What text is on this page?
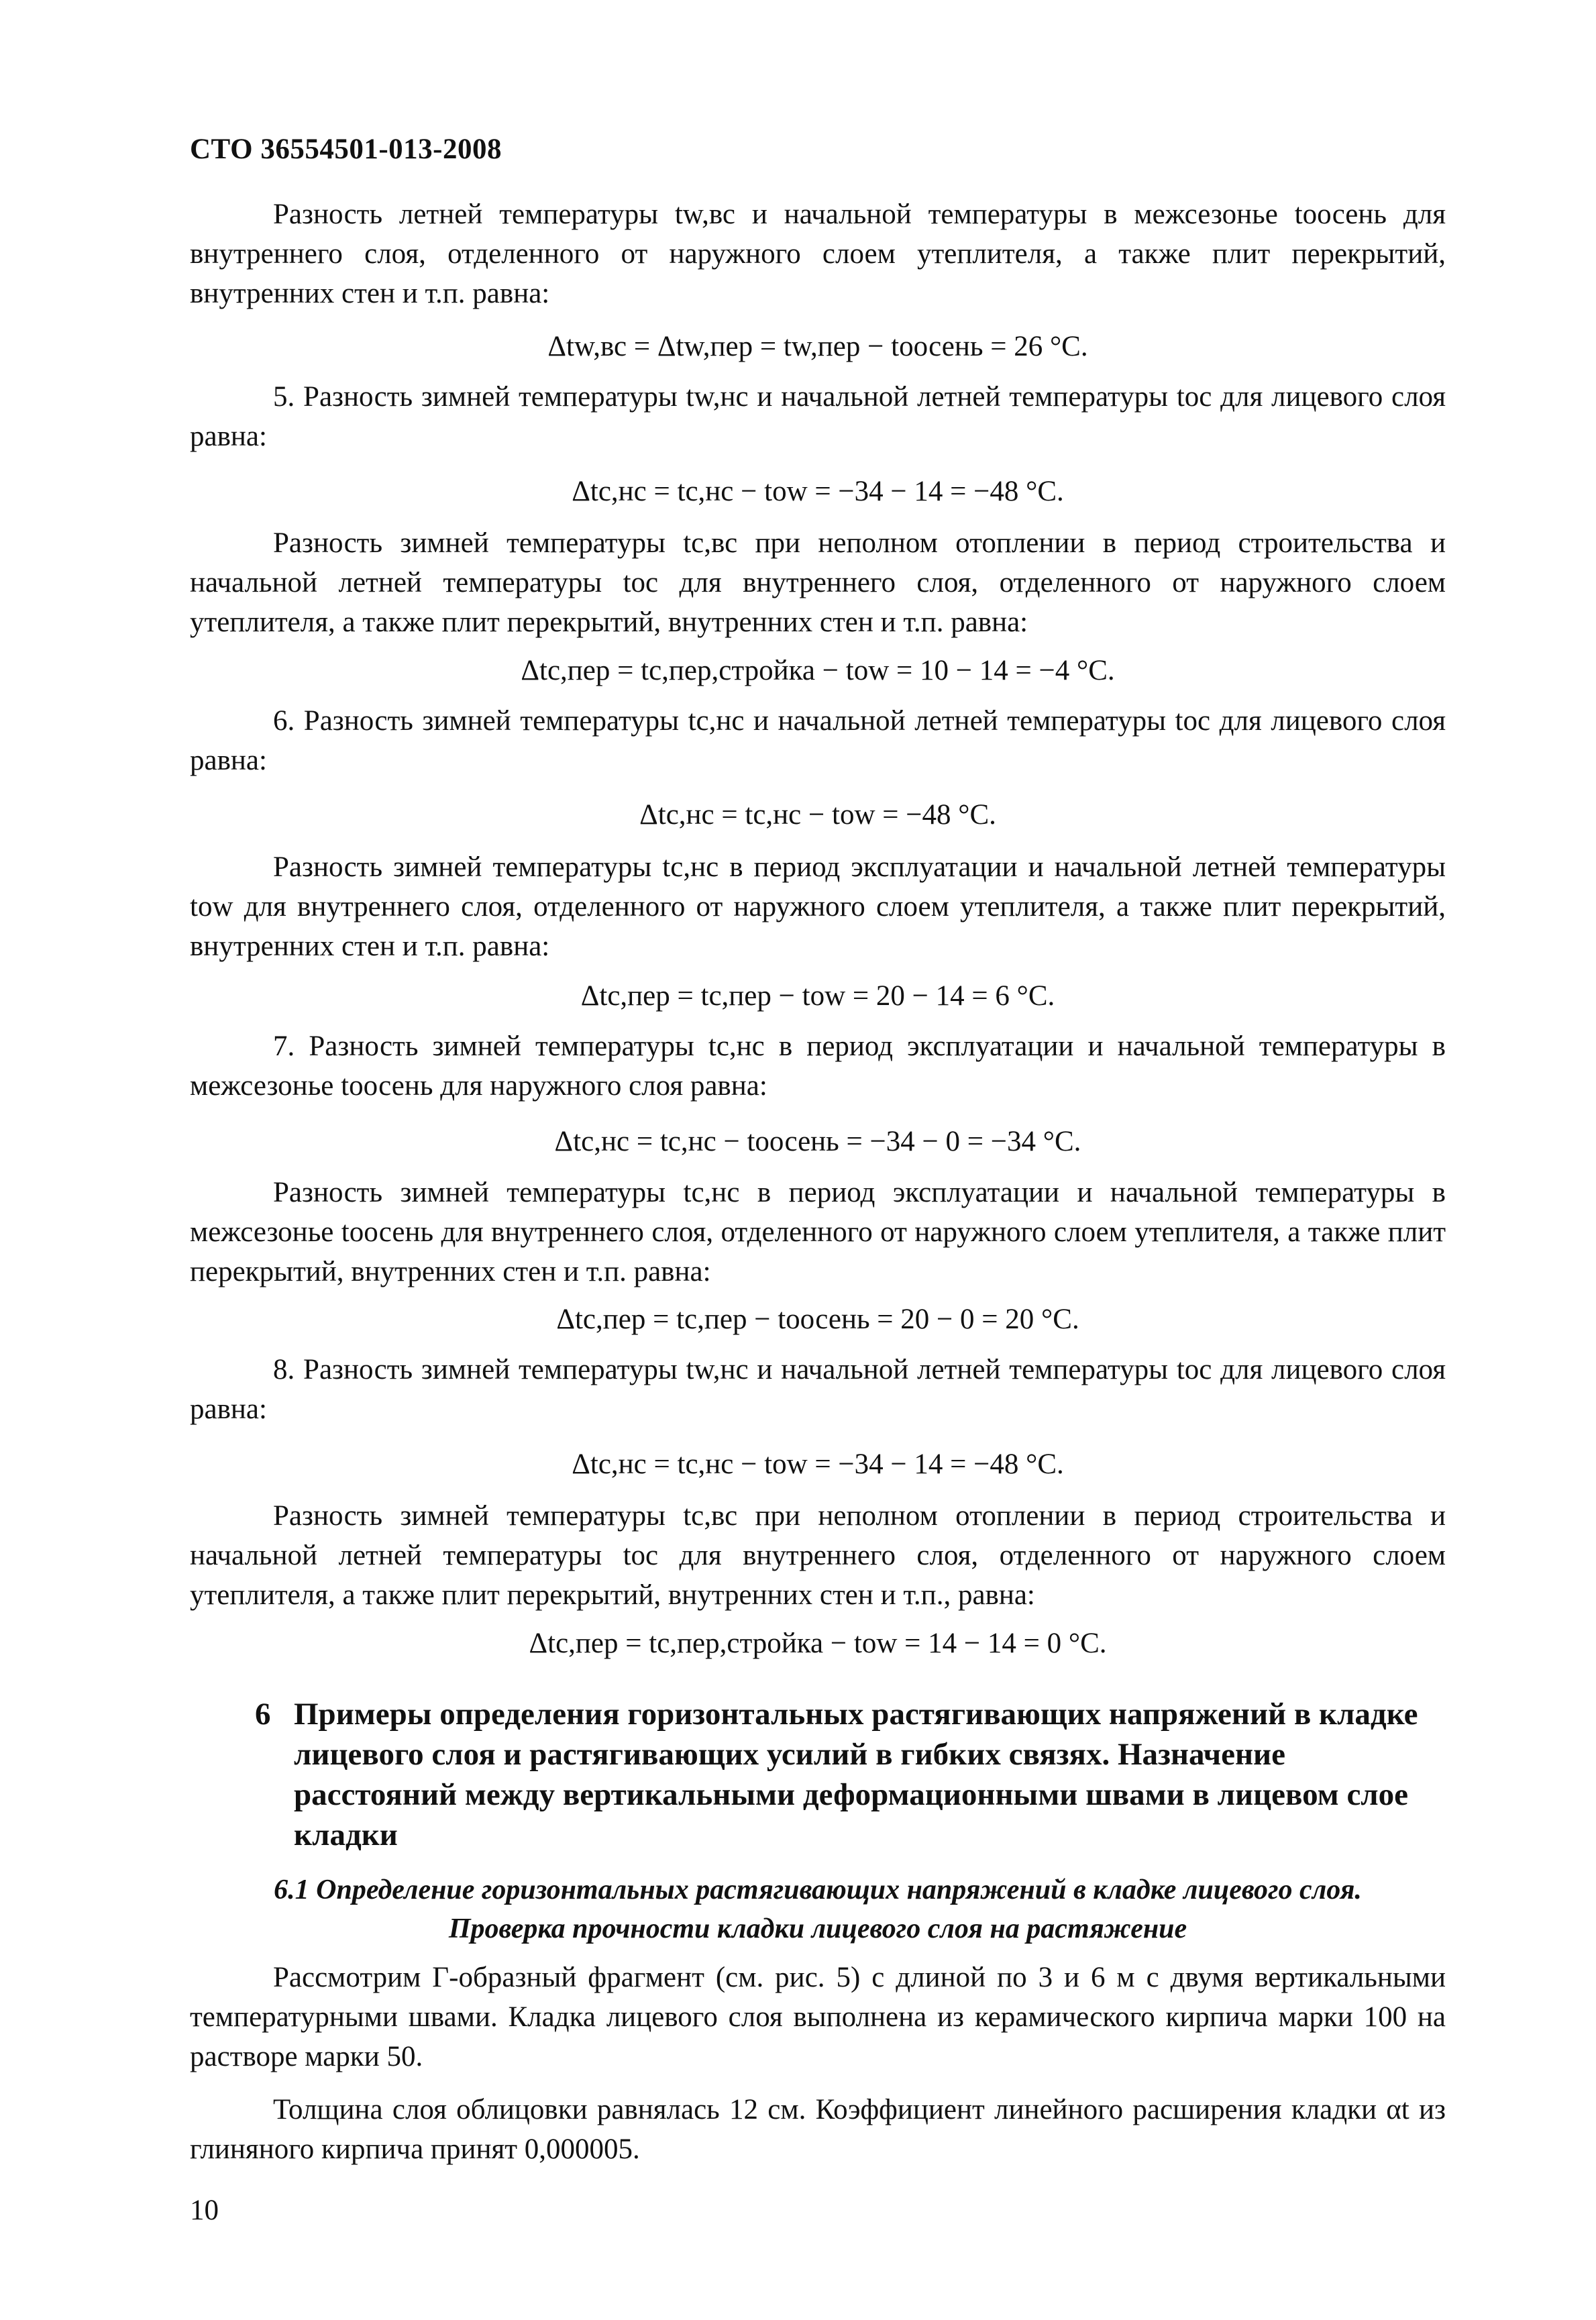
СТО 36554501-013-2008
Разность летней температуры tw,вс и начальной температуры в межсезонье toосень для внутреннего слоя, отделенного от наружного слоем утеплителя, а также плит перекрытий, внутренних стен и т.п. равна:
Δtw,вс = Δtw,пер = tw,пер − toосень = 26 °C.
5. Разность зимней температуры tw,нс и начальной летней температуры toc для лицевого слоя равна:
Δtc,нс = tc,нс − tow = −34 − 14 = −48 °C.
Разность зимней температуры tc,вс при неполном отоплении в период строительства и начальной летней температуры toc для внутреннего слоя, отделенного от наружного слоем утеплителя, а также плит перекрытий, внутренних стен и т.п. равна:
Δtc,пер = tc,пер,стройка − tow = 10 − 14 = −4 °C.
6. Разность зимней температуры tc,нс и начальной летней температуры toc для лицевого слоя равна:
Δtc,нс = tc,нс − tow = −48 °C.
Разность зимней температуры tc,нс в период эксплуатации и начальной летней температуры tow для внутреннего слоя, отделенного от наружного слоем утеплителя, а также плит перекрытий, внутренних стен и т.п. равна:
Δtc,пер = tc,пер − tow = 20 − 14 = 6 °C.
7. Разность зимней температуры tc,нс в период эксплуатации и начальной температуры в межсезонье toосень для наружного слоя равна:
Δtc,нс = tc,нс − toосень = −34 − 0 = −34 °C.
Разность зимней температуры tc,нс в период эксплуатации и начальной температуры в межсезонье toосень для внутреннего слоя, отделенного от наружного слоем утеплителя, а также плит перекрытий, внутренних стен и т.п. равна:
Δtc,пер = tc,пер − toосень = 20 − 0 = 20 °C.
8. Разность зимней температуры tw,нс и начальной летней температуры toc для лицевого слоя равна:
Δtc,нс = tc,нс − tow = −34 − 14 = −48 °C.
Разность зимней температуры tc,вс при неполном отоплении в период строительства и начальной летней температуры toc для внутреннего слоя, отделенного от наружного слоем утеплителя, а также плит перекрытий, внутренних стен и т.п., равна:
Δtc,пер = tc,пер,стройка − tow = 14 − 14 = 0 °C.
6 Примеры определения горизонтальных растягивающих напряжений в кладке лицевого слоя и растягивающих усилий в гибких связях. Назначение расстояний между вертикальными деформационными швами в лицевом слое кладки
6.1 Определение горизонтальных растягивающих напряжений в кладке лицевого слоя.
Проверка прочности кладки лицевого слоя на растяжение
Рассмотрим Г-образный фрагмент (см. рис. 5) с длиной по 3 и 6 м с двумя вертикальными температурными швами. Кладка лицевого слоя выполнена из керамического кирпича марки 100 на растворе марки 50.
Толщина слоя облицовки равнялась 12 см. Коэффициент линейного расширения кладки αt из глиняного кирпича принят 0,000005.
10
